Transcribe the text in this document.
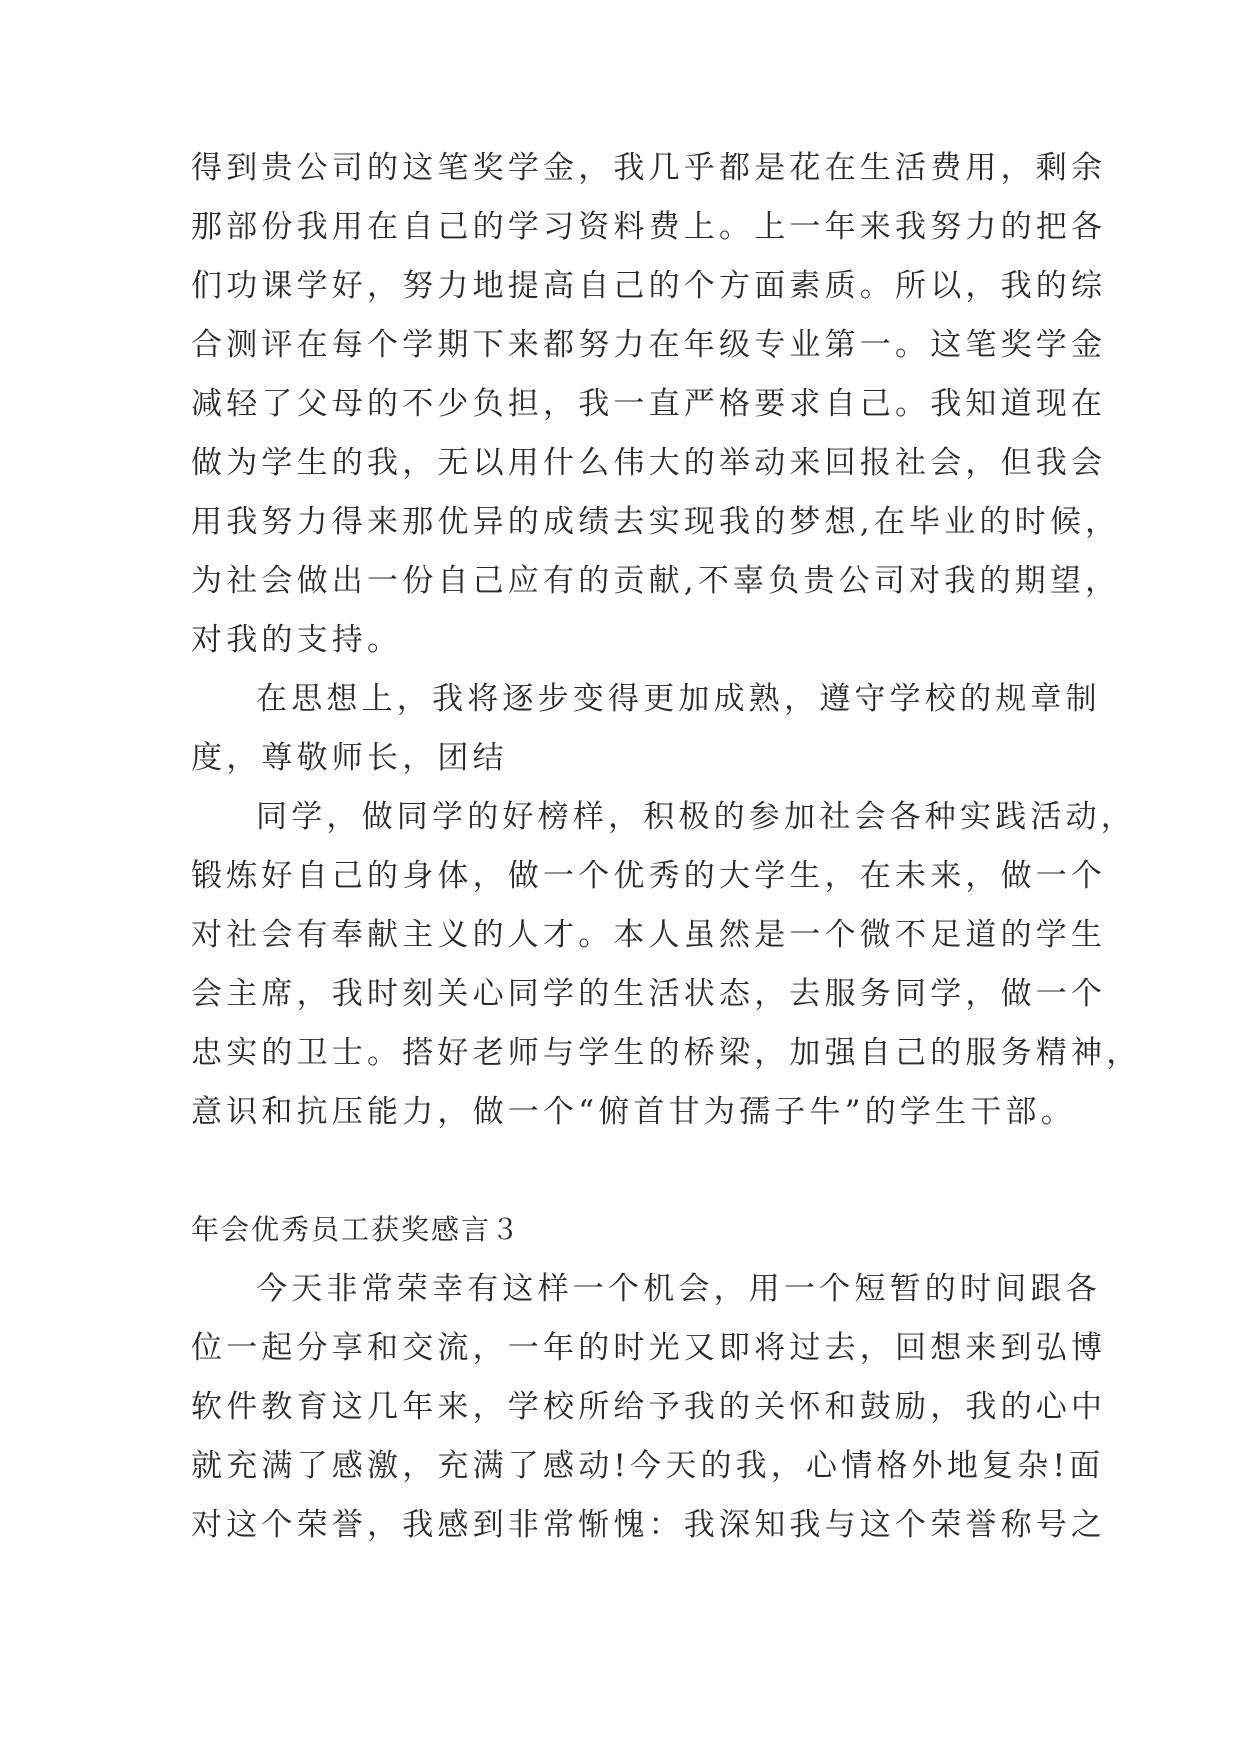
得到贵公司的这笔奖学金，我几乎都是花在生活费用，剩余

那部份我用在自己的学习资料费上。上一年来我努力的把各

们功课学好，努力地提高自己的个方面素质。所以，我的综

合测评在每个学期下来都努力在年级专业第一。这笔奖学金

减轻了父母的不少负担，我一直严格要求自己。我知道现在

做为学生的我，无以用什么伟大的举动来回报社会，但我会

用我努力得来那优异的成绩去实现我的梦想,在毕业的时候，

为社会做出一份自己应有的贡献,不辜负贵公司对我的期望，

对我的支持。

在思想上，我将逐步变得更加成熟，遵守学校的规章制

度，尊敬师长，团结

同学，做同学的好榜样，积极的参加社会各种实践活动，

锻炼好自己的身体，做一个优秀的大学生，在未来，做一个

对社会有奉献主义的人才。本人虽然是一个微不足道的学生

会主席，我时刻关心同学的生活状态，去服务同学，做一个

忠实的卫士。搭好老师与学生的桥梁，加强自己的服务精神，

意识和抗压能力，做一个“俯首甘为孺子牛”的学生干部。

年会优秀员工获奖感言３

今天非常荣幸有这样一个机会，用一个短暂的时间跟各

位一起分享和交流，一年的时光又即将过去，回想来到弘博

软件教育这几年来，学校所给予我的关怀和鼓励，我的心中

就充满了感激，充满了感动!今天的我，心情格外地复杂!面

对这个荣誉，我感到非常惭愧：我深知我与这个荣誉称号之
